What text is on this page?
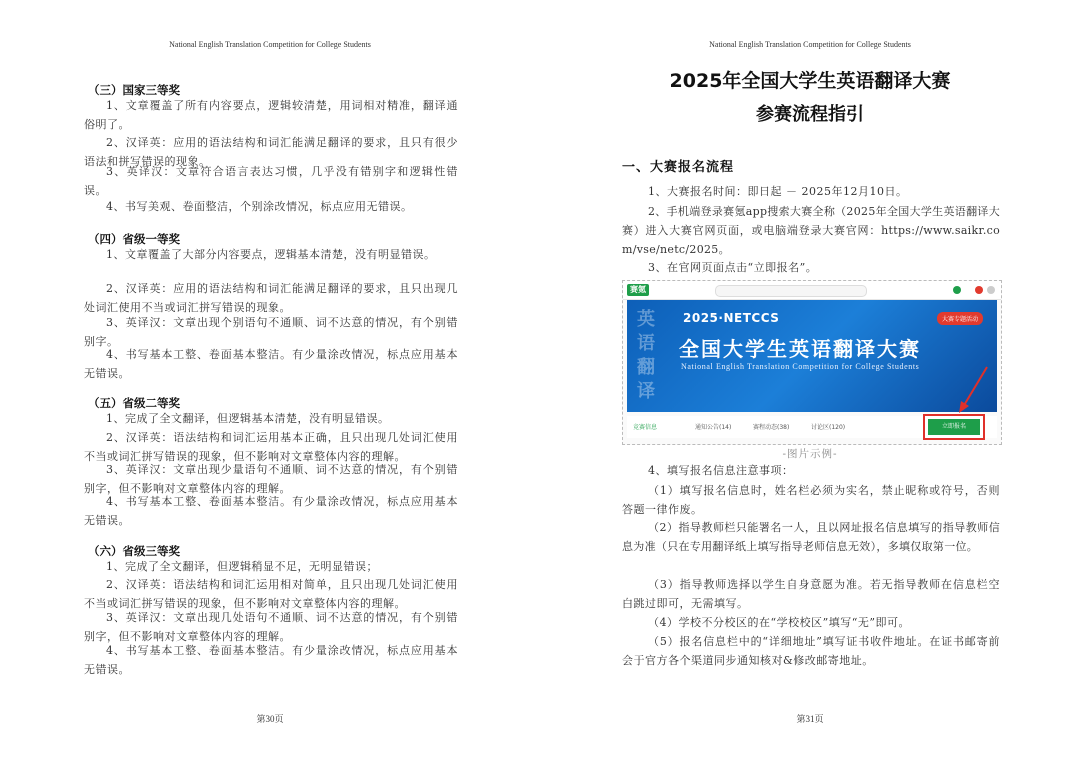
National English Translation Competition for College Students
（三）国家三等奖
1、文章覆盖了所有内容要点，逻辑较清楚，用词相对精准，翻译通俗明了。
2、汉译英：应用的语法结构和词汇能满足翻译的要求，且只有很少语法和拼写错误的现象。
3、英译汉：文章符合语言表达习惯，几乎没有错别字和逻辑性错误。
4、书写美观、卷面整洁，个别涂改情况，标点应用无错误。
（四）省级一等奖
1、文章覆盖了大部分内容要点，逻辑基本清楚，没有明显错误。
2、汉译英：应用的语法结构和词汇能满足翻译的要求，且只出现几处词汇使用不当或词汇拼写错误的现象。
3、英译汉：文章出现个别语句不通顺、词不达意的情况，有个别错别字。
4、书写基本工整、卷面基本整洁。有少量涂改情况，标点应用基本无错误。
（五）省级二等奖
1、完成了全文翻译，但逻辑基本清楚，没有明显错误。
2、汉译英：语法结构和词汇运用基本正确，且只出现几处词汇使用不当或词汇拼写错误的现象，但不影响对文章整体内容的理解。
3、英译汉：文章出现少量语句不通顺、词不达意的情况，有个别错别字，但不影响对文章整体内容的理解。
4、书写基本工整、卷面基本整洁。有少量涂改情况，标点应用基本无错误。
（六）省级三等奖
1、完成了全文翻译，但逻辑稍显不足，无明显错误；
2、汉译英：语法结构和词汇运用相对简单，且只出现几处词汇使用不当或词汇拼写错误的现象，但不影响对文章整体内容的理解。
3、英译汉：文章出现几处语句不通顺、词不达意的情况，有个别错别字，但不影响对文章整体内容的理解。
4、书写基本工整、卷面基本整洁。有少量涂改情况，标点应用基本无错误。
第30页
National English Translation Competition for College Students
第31页
2025年全国大学生英语翻译大赛
参赛流程指引
一、大赛报名流程
1、大赛报名时间：即日起 － 2025年12月10日。
2、手机端登录赛氪app搜索大赛全称（2025年全国大学生英语翻译大赛）进入大赛官网页面，或电脑端登录大赛官网：https://www.saikr.com/vse/netc/2025。
3、在官网页面点击“立即报名”。
赛氪
英语翻译
2025·NETCCS
全国大学生英语翻译大赛
National English Translation Competition for College Students
大赛专题活动
竞赛信息	通知公告(14)	赛程动态(38)	讨论区(120)	立即报名
-图片示例-
4、填写报名信息注意事项：
（1）填写报名信息时，姓名栏必须为实名，禁止昵称或符号，否则答题一律作废。
（2）指导教师栏只能署名一人，且以网址报名信息填写的指导教师信息为准（只在专用翻译纸上填写指导老师信息无效），多填仅取第一位。
（3）指导教师选择以学生自身意愿为准。若无指导教师在信息栏空白跳过即可，无需填写。
（4）学校不分校区的在“学校校区”填写“无”即可。
（5）报名信息栏中的“详细地址”填写证书收件地址。在证书邮寄前会于官方各个渠道同步通知核对&修改邮寄地址。
